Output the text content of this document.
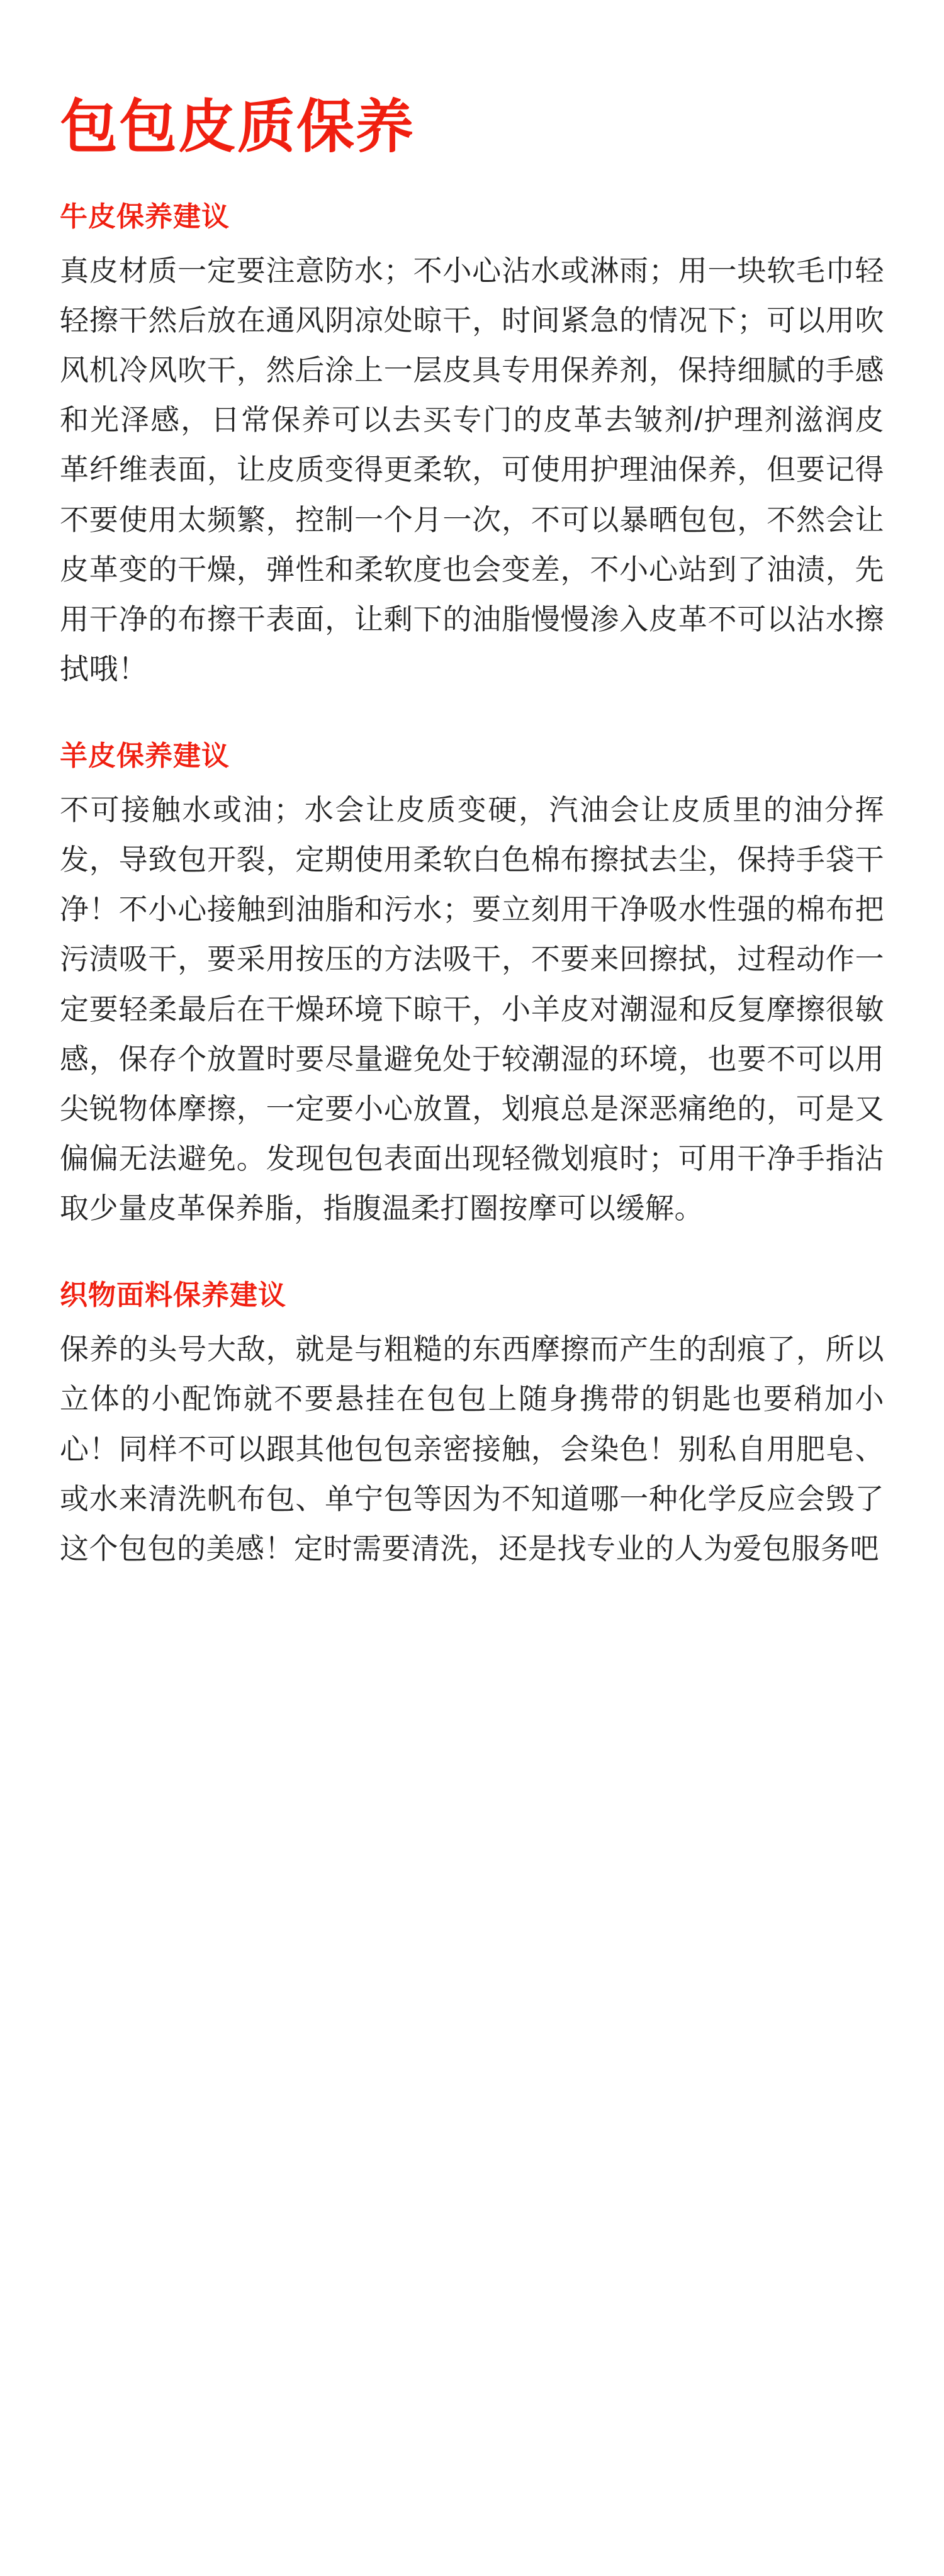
包包皮质保养
牛皮保养建议

真皮材质一定要注意防水；不小心沾水或淋雨；用一块软毛巾轻轻擦干然后放在通风阴凉处晾干，时间紧急的情况下；可以用吹风机冷风吹干，然后涂上一层皮具专用保养剂，保持细腻的手感和光泽感，日常保养可以去买专门的皮革去皱剂/护理剂滋润皮革纤维表面，让皮质变得更柔软，可使用护理油保养，但要记得不要使用太频繁，控制一个月一次，不可以暴晒包包，不然会让皮革变的干燥，弹性和柔软度也会变差，不小心站到了油渍，先用干净的布擦干表面，让剩下的油脂慢慢渗入皮革不可以沾水擦拭哦！

羊皮保养建议

不可接触水或油；水会让皮质变硬，汽油会让皮质里的油分挥发，导致包开裂，定期使用柔软白色棉布擦拭去尘，保持手袋干净！不小心接触到油脂和污水；要立刻用干净吸水性强的棉布把污渍吸干，要采用按压的方法吸干，不要来回擦拭，过程动作一定要轻柔最后在干燥环境下晾干，小羊皮对潮湿和反复摩擦很敏感，保存个放置时要尽量避免处于较潮湿的环境，也要不可以用尖锐物体摩擦，一定要小心放置，划痕总是深恶痛绝的，可是又偏偏无法避免。发现包包表面出现轻微划痕时；可用干净手指沾取少量皮革保养脂，指腹温柔打圈按摩可以缓解。

织物面料保养建议

保养的头号大敌，就是与粗糙的东西摩擦而产生的刮痕了，所以立体的小配饰就不要悬挂在包包上随身携带的钥匙也要稍加小心！同样不可以跟其他包包亲密接触，会染色！别私自用肥皂、或水来清洗帆布包、单宁包等因为不知道哪一种化学反应会毁了这个包包的美感！定时需要清洗，还是找专业的人为爱包服务吧
